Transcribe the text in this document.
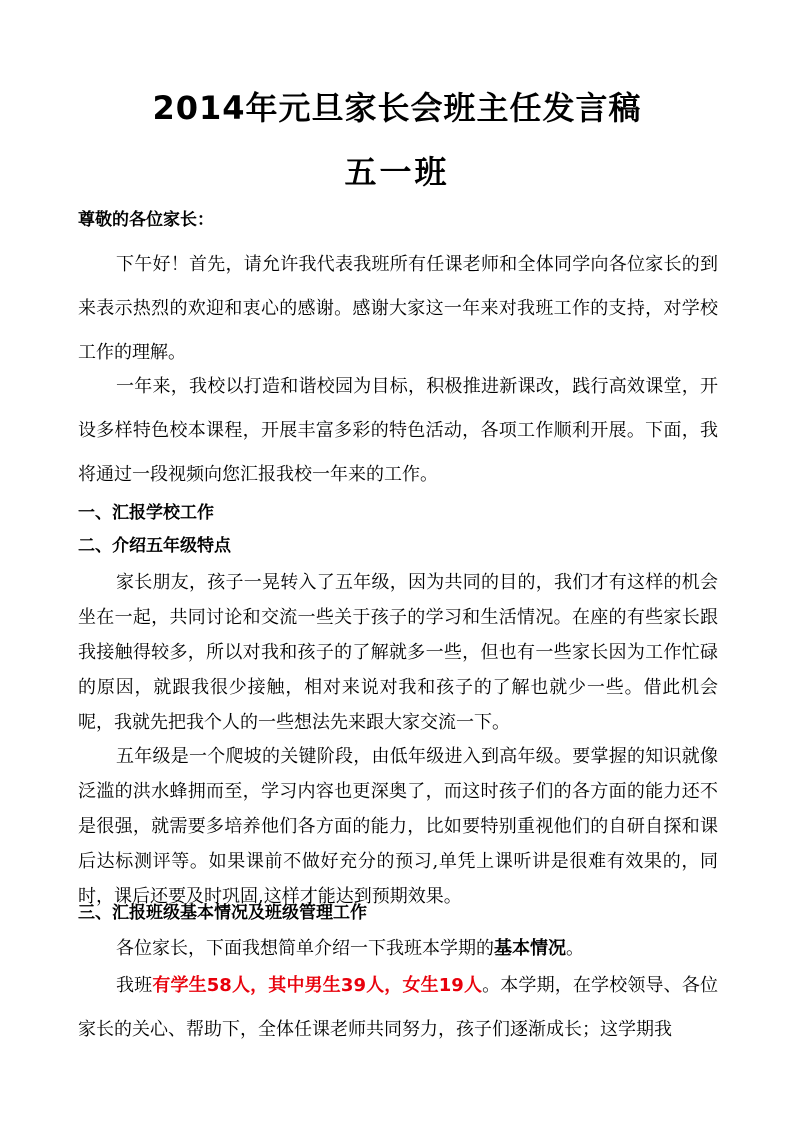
2014年元旦家长会班主任发言稿
五一班

尊敬的各位家长：

下午好！首先，请允许我代表我班所有任课老师和全体同学向各位家长的到来表示热烈的欢迎和衷心的感谢。感谢大家这一年来对我班工作的支持，对学校工作的理解。

一年来，我校以打造和谐校园为目标，积极推进新课改，践行高效课堂，开设多样特色校本课程，开展丰富多彩的特色活动，各项工作顺利开展。下面，我将通过一段视频向您汇报我校一年来的工作。

一、汇报学校工作

二、介绍五年级特点

家长朋友，孩子一晃转入了五年级，因为共同的目的，我们才有这样的机会坐在一起，共同讨论和交流一些关于孩子的学习和生活情况。在座的有些家长跟我接触得较多，所以对我和孩子的了解就多一些，但也有一些家长因为工作忙碌的原因，就跟我很少接触，相对来说对我和孩子的了解也就少一些。借此机会呢，我就先把我个人的一些想法先来跟大家交流一下。

五年级是一个爬坡的关键阶段，由低年级进入到高年级。要掌握的知识就像泛滥的洪水蜂拥而至，学习内容也更深奥了，而这时孩子们的各方面的能力还不是很强，就需要多培养他们各方面的能力，比如要特别重视他们的自研自探和课后达标测评等。如果课前不做好充分的预习,单凭上课听讲是很难有效果的，同时，课后还要及时巩固,这样才能达到预期效果。

三、汇报班级基本情况及班级管理工作

各位家长，下面我想简单介绍一下我班本学期的基本情况。

我班有学生58人，其中男生39人，女生19人。本学期，在学校领导、各位家长的关心、帮助下，全体任课老师共同努力，孩子们逐渐成长；这学期我
